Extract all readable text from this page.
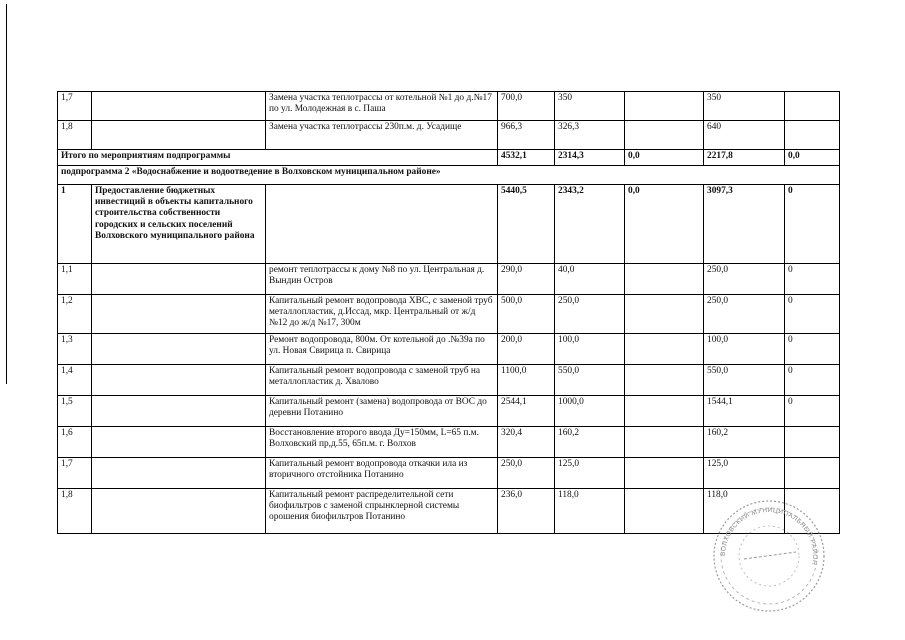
1,7		Замена участка теплотрассы от котельной №1 до д.№17 по ул. Молодежная в с. Паша	700,0	350		350	
1,8		Замена участка теплотрассы 230п.м. д. Усадище	966,3	326,3		640	
Итого по мероприятиям подпрограммы			4532,1	2314,3	0,0	2217,8	0,0
подпрограмма 2 «Водоснабжение и водоотведение в Волховском муниципальном районе»							
1	Предоставление бюджетных инвестиций в объекты капитального строительства собственности городских и сельских поселений Волховского муниципального района		5440,5	2343,2	0,0	3097,3	0
1,1		ремонт теплотрассы к дому №8 по ул. Центральная д. Вындин Остров	290,0	40,0		250,0	0
1,2		Капитальный ремонт водопровода ХВС, с заменой труб металлопластик, д.Иссад, мкр. Центральный от ж/д №12 до ж/д №17, 300м	500,0	250,0		250,0	0
1,3		Ремонт водопровода, 800м. От котельной до .№39а по ул. Новая Свирица п. Свирица	200,0	100,0		100,0	0
1,4		Капитальный ремонт водопровода с заменой труб на металлопластик д. Хвалово	1100,0	550,0		550,0	0
1,5		Капитальный ремонт (замена) водопровода от ВОС до деревни Потанино	2544,1	1000,0		1544,1	0
1,6		Восстановление второго ввода Ду=150мм, L=65 п.м. Волховский пр,д.55, 65п.м. г. Волхов	320,4	160,2		160,2	
1,7		Капитальный ремонт водопровода откачки ила из вторичного отстойника Потанино	250,0	125,0		125,0	
1,8		Капитальный ремонт распределительной сети биофильтров с заменой спрынклерной системы орошения биофильтров Потанино	236,0	118,0		118,0	
ВОЛХОВСКИЙ МУНИЦИПАЛЬНЫЙ РАЙОН
